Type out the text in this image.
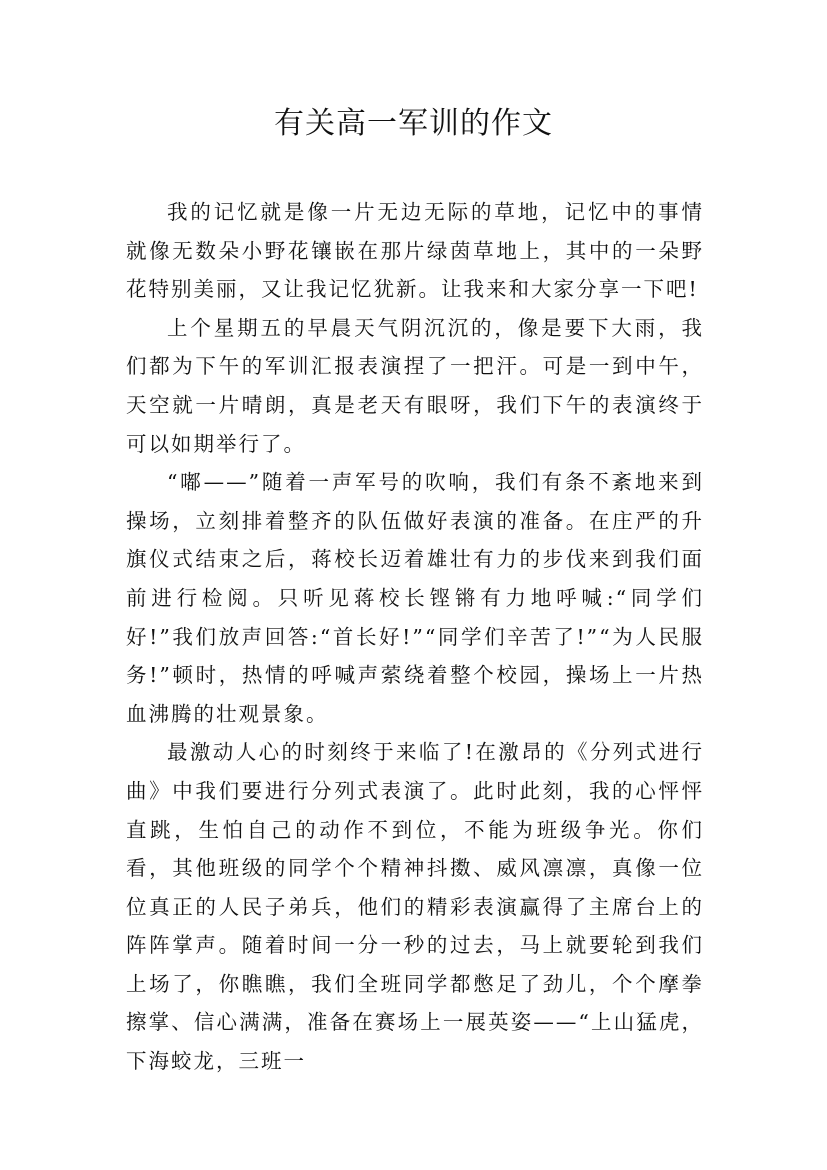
有关高一军训的作文

我的记忆就是像一片无边无际的草地，记忆中的事情就像无数朵小野花镶嵌在那片绿茵草地上，其中的一朵野花特别美丽，又让我记忆犹新。让我来和大家分享一下吧!

上个星期五的早晨天气阴沉沉的，像是要下大雨，我们都为下午的军训汇报表演捏了一把汗。可是一到中午，天空就一片晴朗，真是老天有眼呀，我们下午的表演终于可以如期举行了。

“嘟——”随着一声军号的吹响，我们有条不紊地来到操场，立刻排着整齐的队伍做好表演的准备。在庄严的升旗仪式结束之后，蒋校长迈着雄壮有力的步伐来到我们面前进行检阅。只听见蒋校长铿锵有力地呼喊:“同学们好!”我们放声回答:“首长好!”“同学们辛苦了!”“为人民服务!”顿时，热情的呼喊声萦绕着整个校园，操场上一片热血沸腾的壮观景象。

最激动人心的时刻终于来临了!在激昂的《分列式进行曲》中我们要进行分列式表演了。此时此刻，我的心怦怦直跳，生怕自己的动作不到位，不能为班级争光。你们看，其他班级的同学个个精神抖擞、威风凛凛，真像一位位真正的人民子弟兵，他们的精彩表演赢得了主席台上的阵阵掌声。随着时间一分一秒的过去，马上就要轮到我们上场了，你瞧瞧，我们全班同学都憋足了劲儿，个个摩拳擦掌、信心满满，准备在赛场上一展英姿——“上山猛虎，下海蛟龙，三班一
